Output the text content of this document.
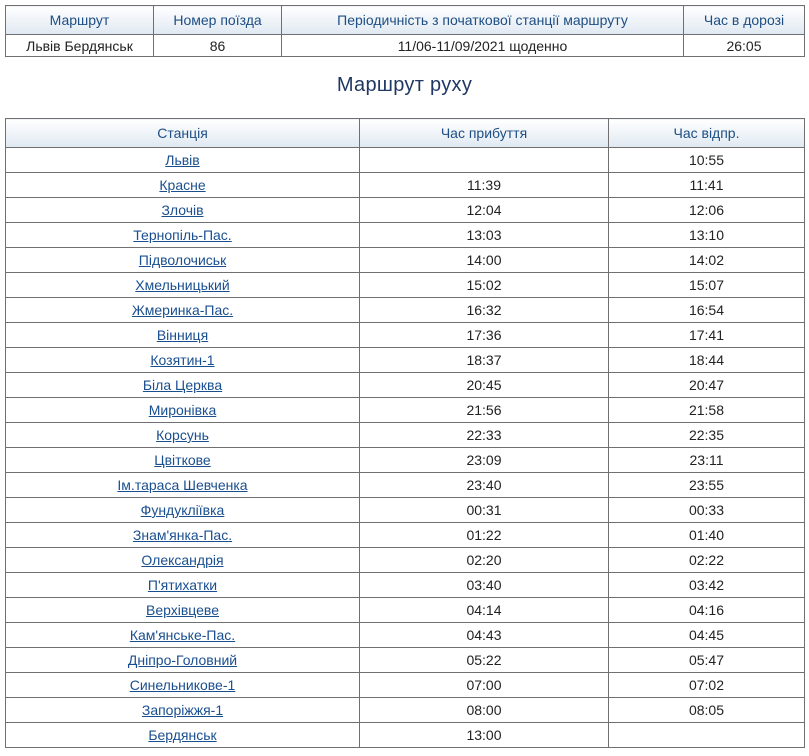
Маршрут	Номер поїзда	Періодичність з початкової станції маршруту	Час в дорозі
Львів Бердянськ	86	11/06-11/09/2021 щоденно	26:05
Маршрут руху
Станція	Час прибуття	Час відпр.
Львів		10:55
Красне	11:39	11:41
Злочів	12:04	12:06
Тернопіль-Пас.	13:03	13:10
Підволочиськ	14:00	14:02
Хмельницький	15:02	15:07
Жмеринка-Пас.	16:32	16:54
Вінниця	17:36	17:41
Козятин-1	18:37	18:44
Біла Церква	20:45	20:47
Миронівка	21:56	21:58
Корсунь	22:33	22:35
Цвіткове	23:09	23:11
Ім.тараса Шевченка	23:40	23:55
Фундуклiївка	00:31	00:33
Знам'янка-Пас.	01:22	01:40
Олександрія	02:20	02:22
П'ятихатки	03:40	03:42
Верхівцеве	04:14	04:16
Кам'янське-Пас.	04:43	04:45
Дніпро-Головний	05:22	05:47
Синельникове-1	07:00	07:02
Запоріжжя-1	08:00	08:05
Бердянськ	13:00	
